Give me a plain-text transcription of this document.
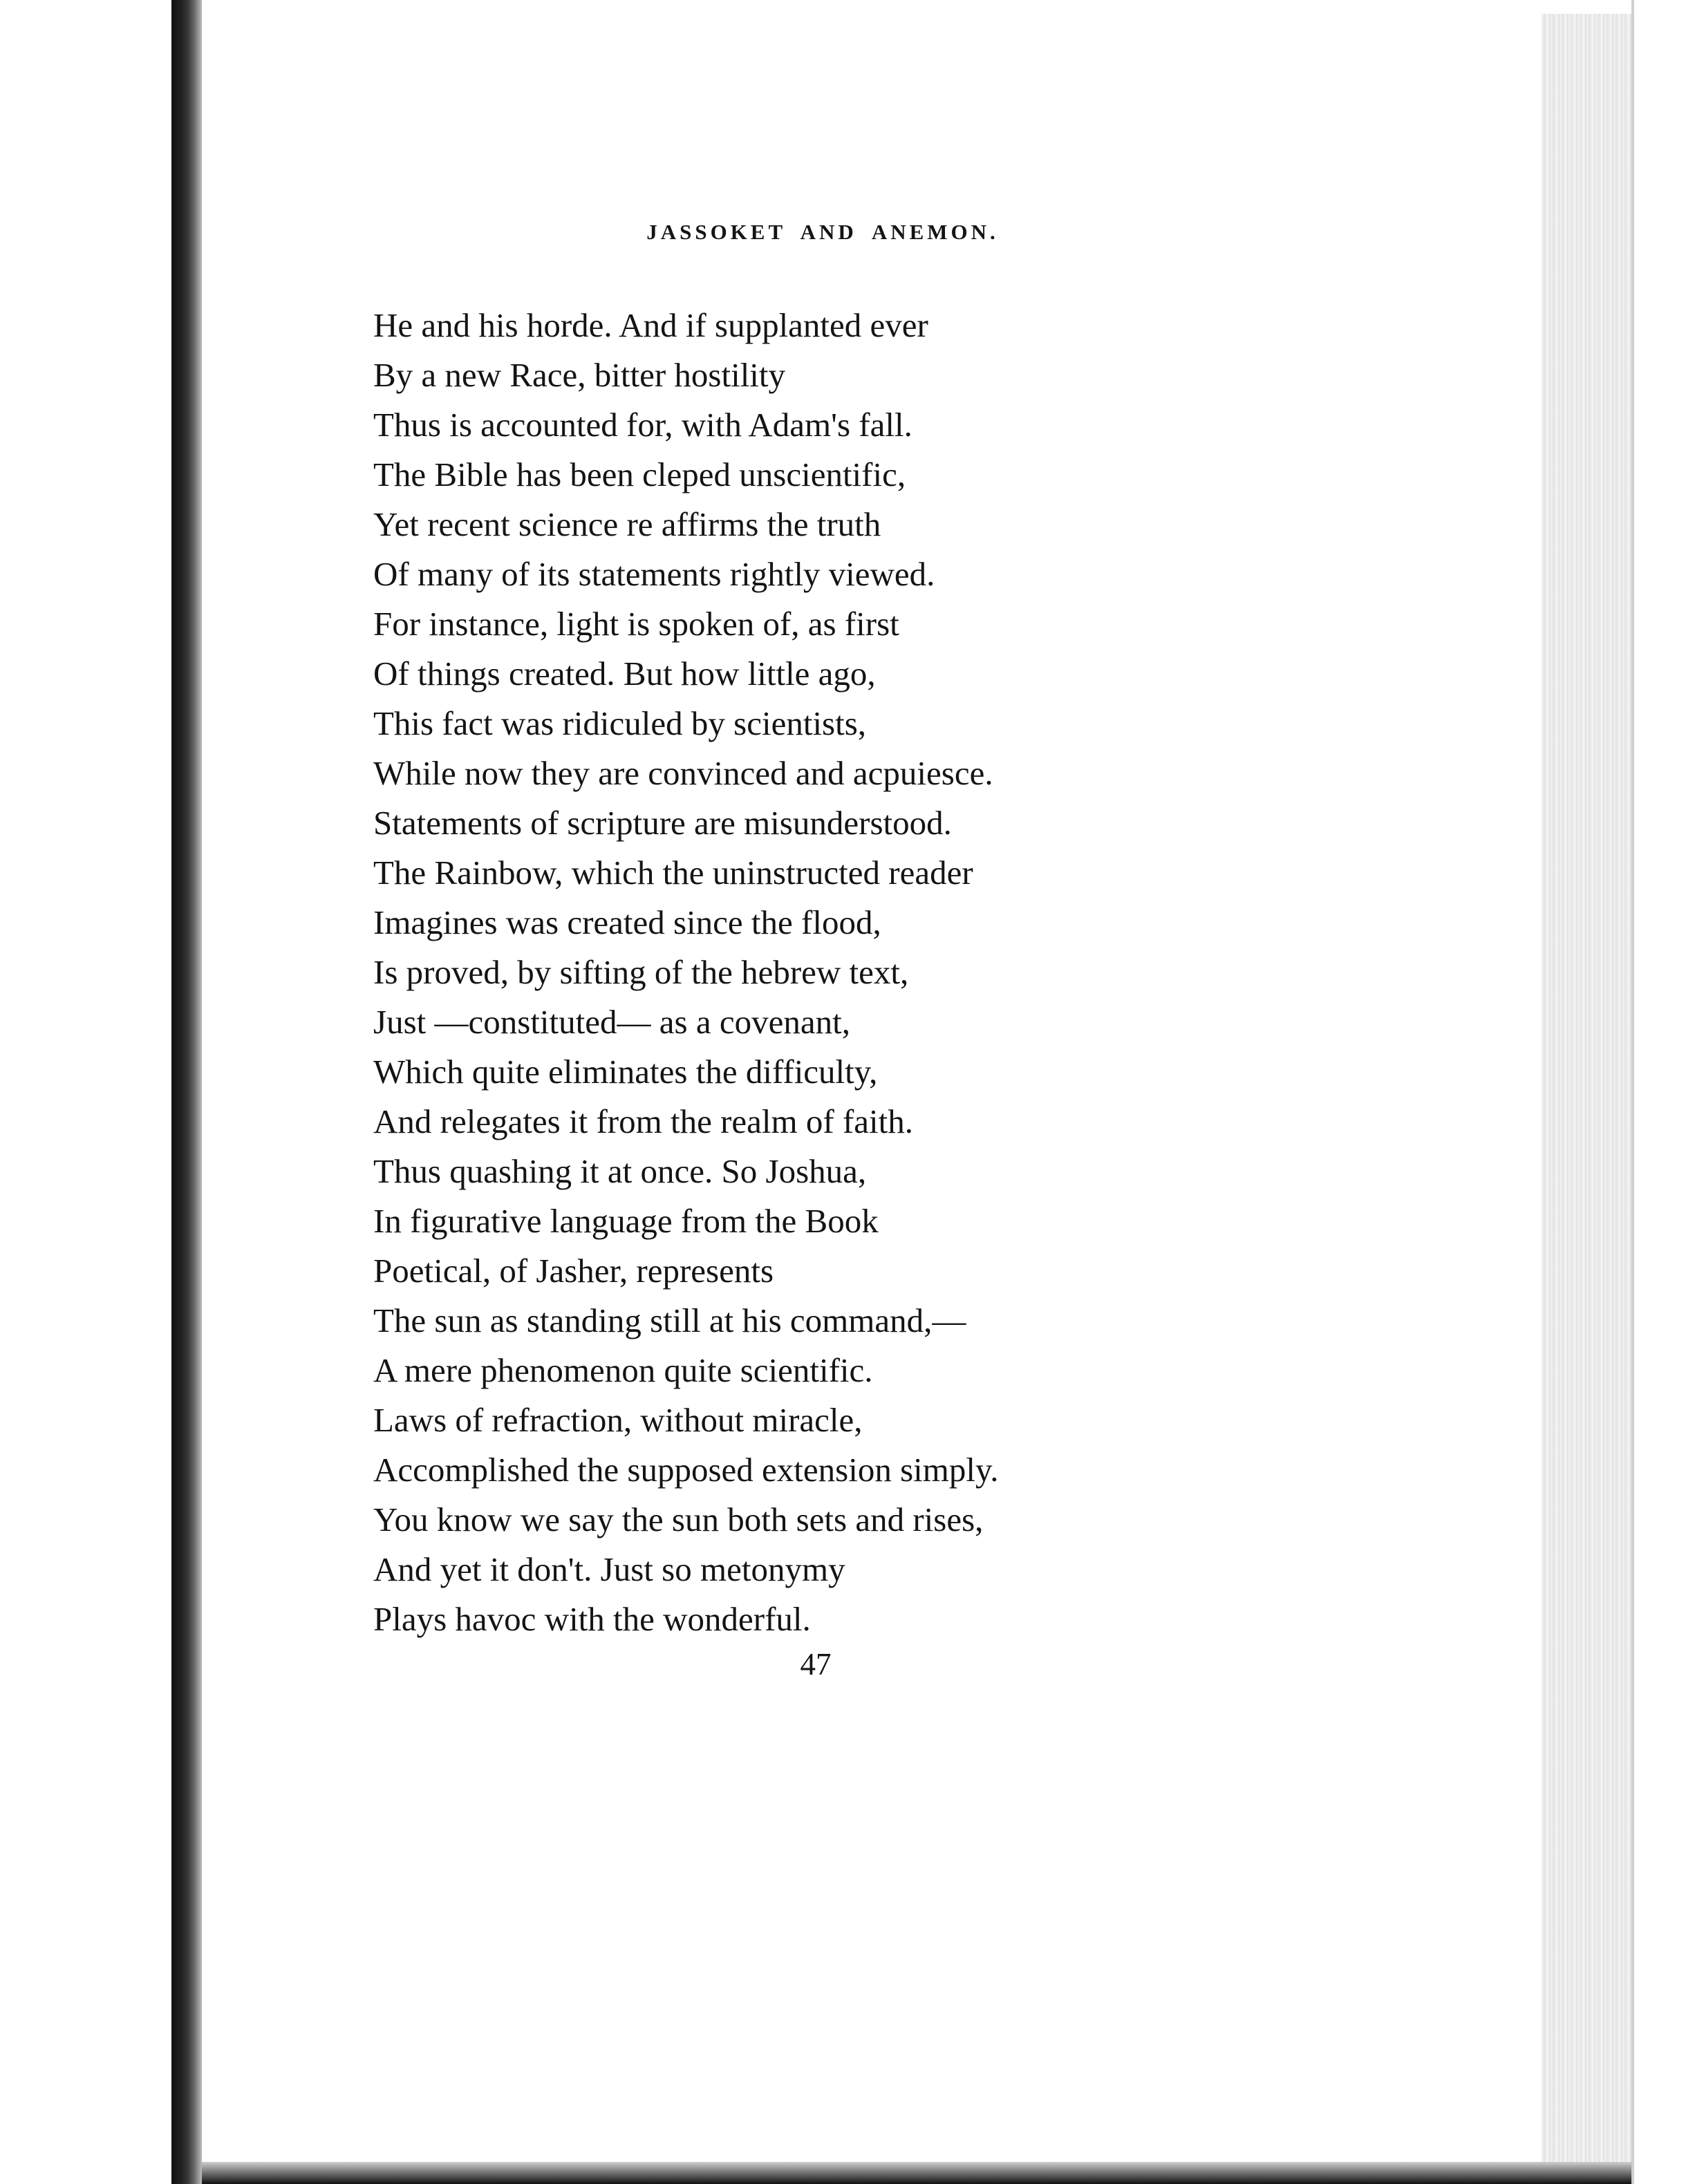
JASSOKET AND ANEMON.
He and his horde. And if supplanted ever
By a new Race, bitter hostility
Thus is accounted for, with Adam's fall.
The Bible has been cleped unscientific,
Yet recent science re affirms the truth
Of many of its statements rightly viewed.
For instance, light is spoken of, as first
Of things created. But how little ago,
This fact was ridiculed by scientists,
While now they are convinced and acpuiesce.
Statements of scripture are misunderstood.
The Rainbow, which the uninstructed reader
Imagines was created since the flood,
Is proved, by sifting of the hebrew text,
Just —constituted— as a covenant,
Which quite eliminates the difficulty,
And relegates it from the realm of faith.
Thus quashing it at once. So Joshua,
In figurative language from the Book
Poetical, of Jasher, represents
The sun as standing still at his command,—
A mere phenomenon quite scientific.
Laws of refraction, without miracle,
Accomplished the supposed extension simply.
You know we say the sun both sets and rises,
And yet it don't. Just so metonymy
Plays havoc with the wonderful.
47
